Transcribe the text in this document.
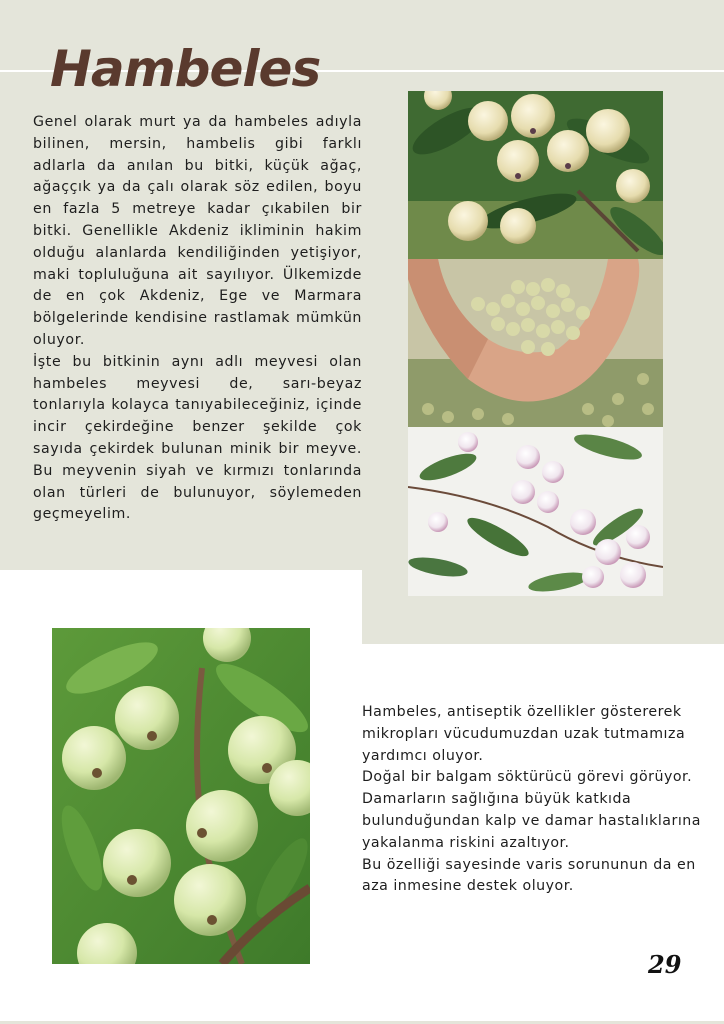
Hambeles

Genel olarak murt ya da hambeles adıyla bilinen, mersin, hambelis gibi farklı adlarla da anılan bu bitki, küçük ağaç, ağaççık ya da çalı olarak söz edilen, boyu en fazla 5 metreye kadar çıkabilen bir bitki. Genellikle Akdeniz ikliminin hakim olduğu alanlarda kendiliğinden yetişiyor, maki topluluğuna ait sayılıyor. Ülkemizde de en çok Akdeniz, Ege ve Marmara bölgelerinde kendisine rastlamak mümkün oluyor.

İşte bu bitkinin aynı adlı meyvesi olan hambeles meyvesi de, sarı-beyaz tonlarıyla kolayca tanıyabileceğiniz, içinde incir çekirdeğine benzer şekilde çok sayıda çekirdek bulunan minik bir meyve. Bu meyvenin siyah ve kırmızı tonlarında olan türleri de bulunuyor, söylemeden geçmeyelim.

Hambeles, antiseptik özellikler göstererek mikropları vücudumuzdan uzak tutmamıza yardımcı oluyor.

Doğal bir balgam söktürücü görevi görüyor.

Damarların sağlığına büyük katkıda bulunduğundan kalp ve damar hastalıklarına yakalanma riskini azaltıyor.

Bu özelliği sayesinde varis sorununun da en aza inmesine destek oluyor.

29
